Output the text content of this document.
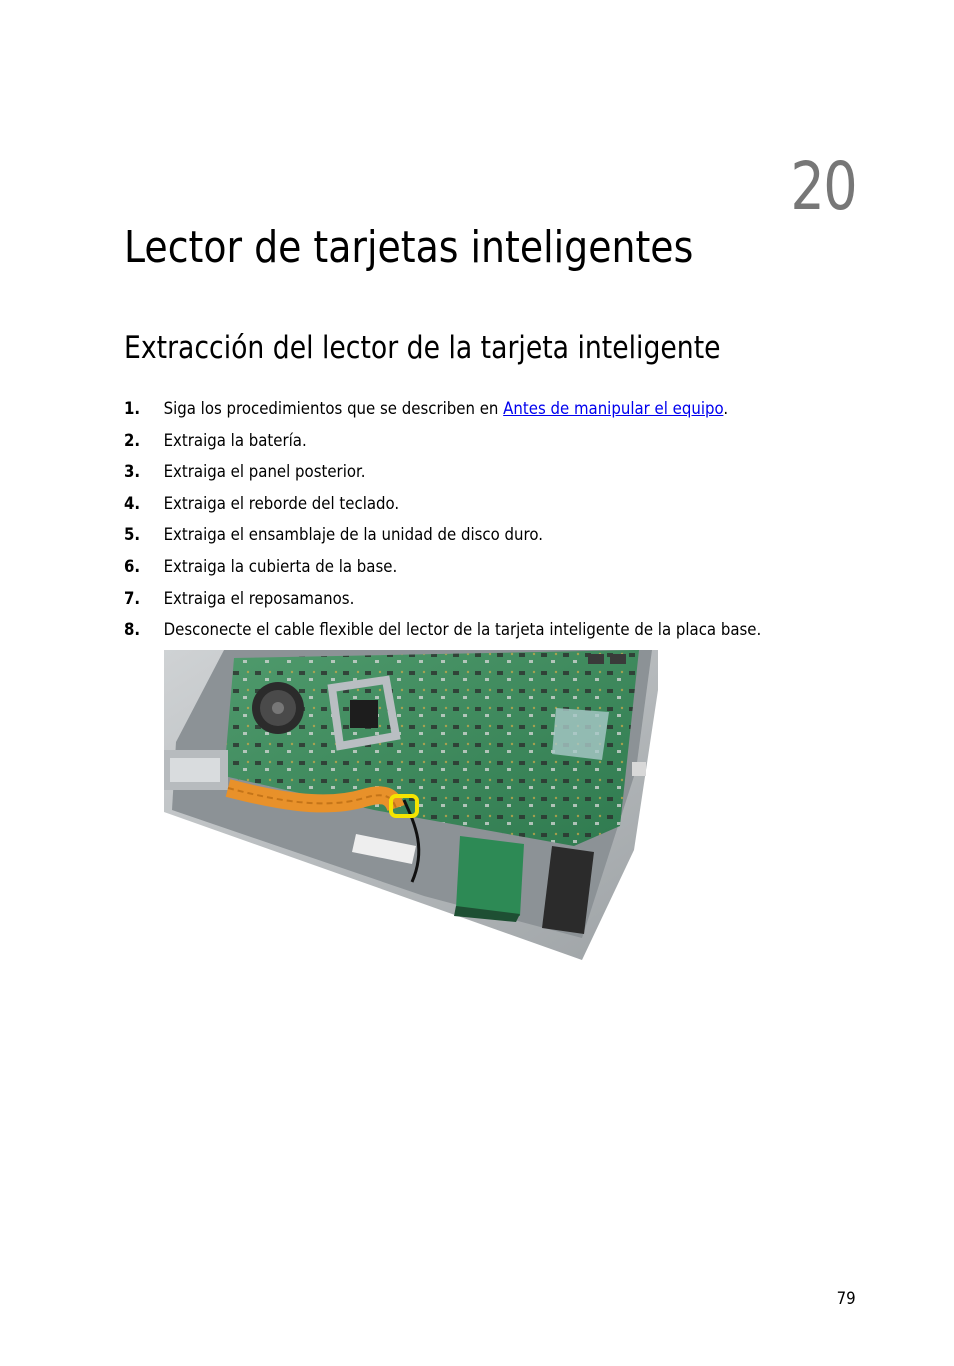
20
Lector de tarjetas inteligentes
Extracción del lector de la tarjeta inteligente
1. Siga los procedimientos que se describen en Antes de manipular el equipo.
2. Extraiga la batería.
3. Extraiga el panel posterior.
4. Extraiga el reborde del teclado.
5. Extraiga el ensamblaje de la unidad de disco duro.
6. Extraiga la cubierta de la base.
7. Extraiga el reposamanos.
8. Desconecte el cable flexible del lector de la tarjeta inteligente de la placa base.
79
